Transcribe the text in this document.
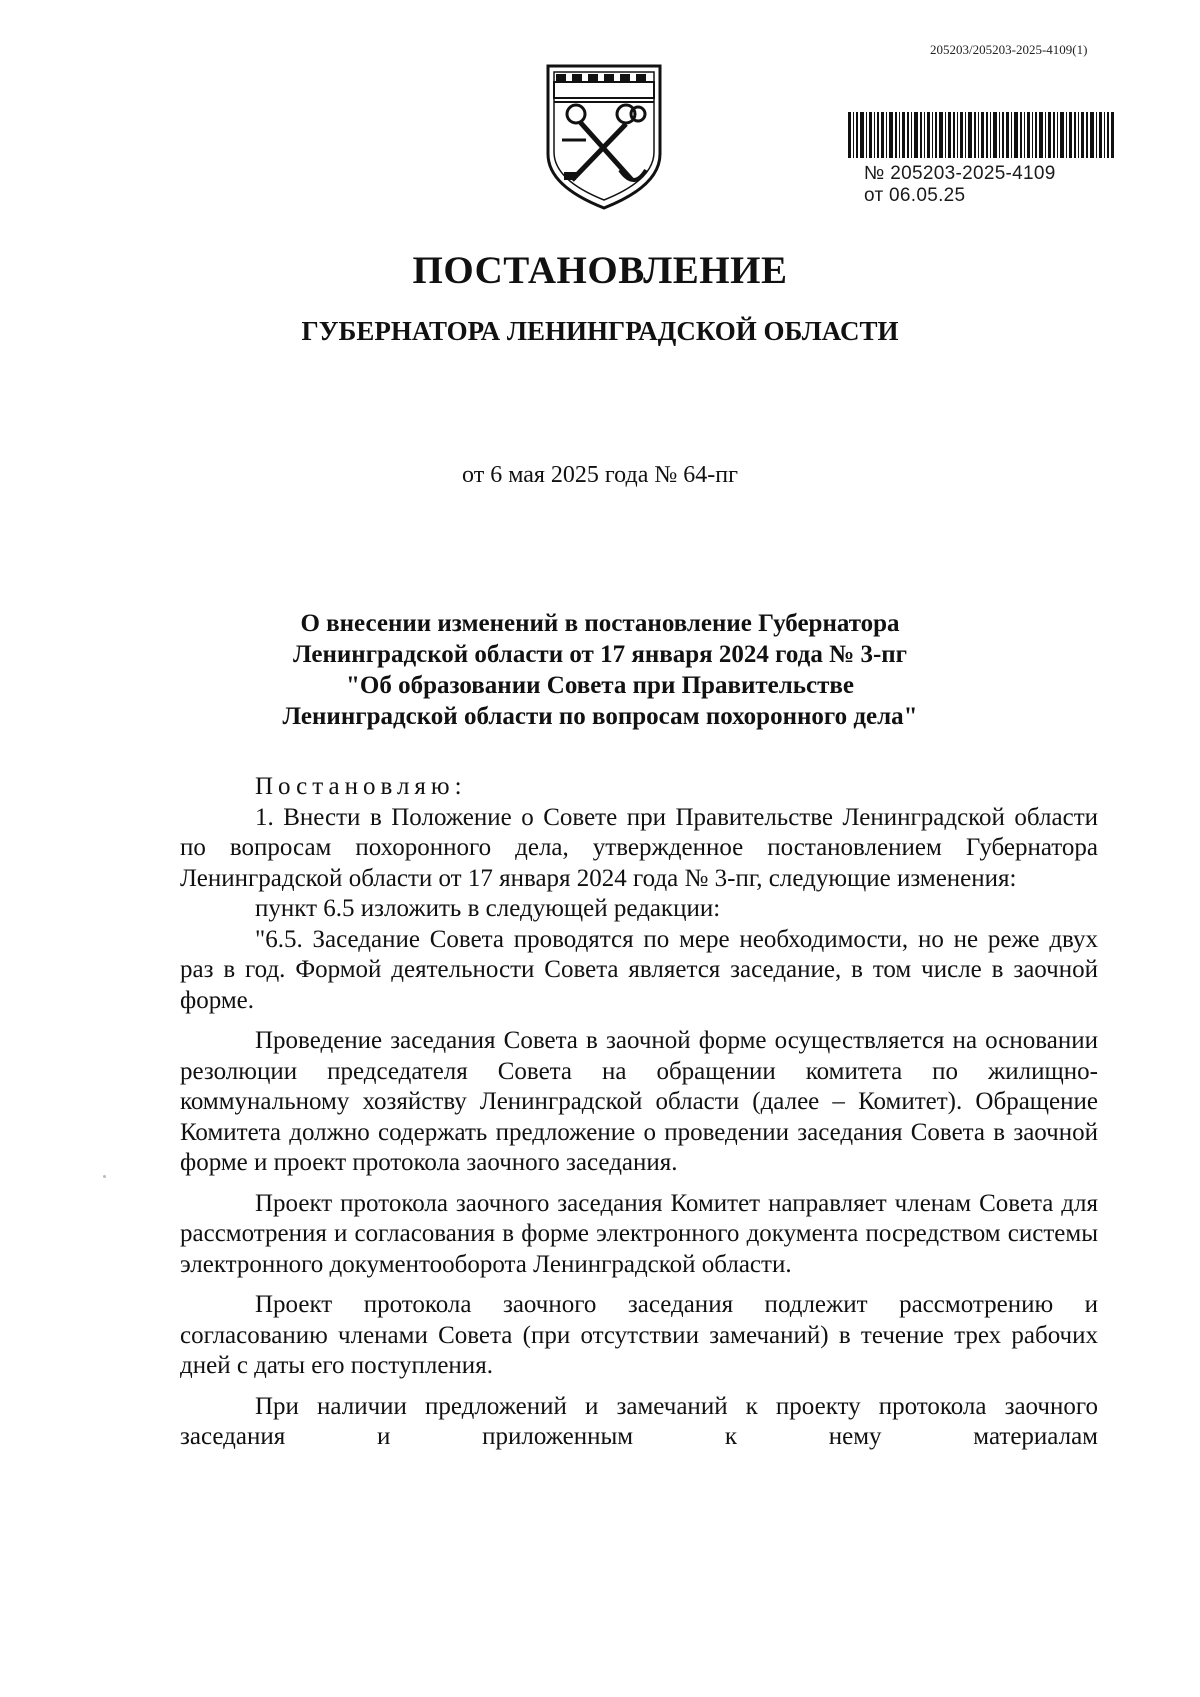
205203/205203-2025-4109(1)
№ 205203-2025-4109
от 06.05.25
ПОСТАНОВЛЕНИЕ
ГУБЕРНАТОРА ЛЕНИНГРАДСКОЙ ОБЛАСТИ
от 6 мая 2025 года № 64-пг
О внесении изменений в постановление Губернатора
Ленинградской области от 17 января 2024 года № 3-пг
"Об образовании Совета при Правительстве
Ленинградской области по вопросам похоронного дела"

Постановляю:

1. Внести в Положение о Совете при Правительстве Ленинградской области по вопросам похоронного дела, утвержденное постановлением Губернатора Ленинградской области от 17 января 2024 года № 3-пг, следующие изменения:

пункт 6.5 изложить в следующей редакции:

"6.5. Заседание Совета проводятся по мере необходимости, но не реже двух раз в год. Формой деятельности Совета является заседание, в том числе в заочной форме.

Проведение заседания Совета в заочной форме осуществляется на основании резолюции председателя Совета на обращении комитета по жилищно-коммунальному хозяйству Ленинградской области (далее – Комитет). Обращение Комитета должно содержать предложение о проведении заседания Совета в заочной форме и проект протокола заочного заседания.

Проект протокола заочного заседания Комитет направляет членам Совета для рассмотрения и согласования в форме электронного документа посредством системы электронного документооборота Ленинградской области.

Проект протокола заочного заседания подлежит рассмотрению и согласованию членами Совета (при отсутствии замечаний) в течение трех рабочих дней с даты его поступления.

При наличии предложений и замечаний к проекту протокола заочного заседания и приложенным к нему материалам
